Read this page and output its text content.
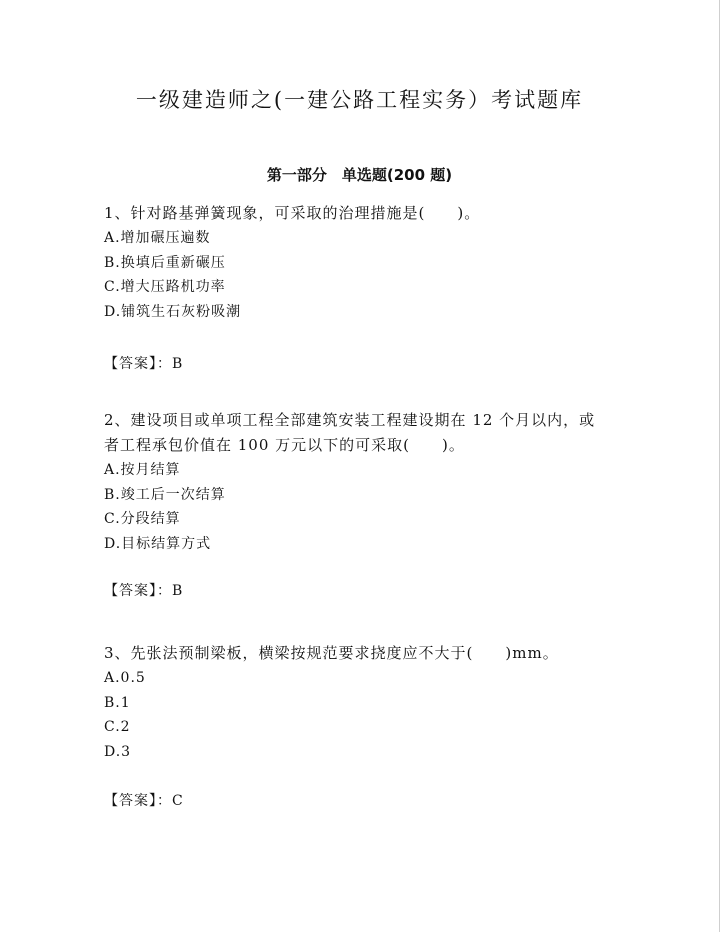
一级建造师之(一建公路工程实务）考试题库
第一部分　单选题(200 题)

1、针对路基弹簧现象，可采取的治理措施是(　　)。

A.增加碾压遍数

B.换填后重新碾压

C.增大压路机功率

D.铺筑生石灰粉吸潮

【答案】：B

2、建设项目或单项工程全部建筑安装工程建设期在 12 个月以内，或

者工程承包价值在 100 万元以下的可采取(　　)。

A.按月结算

B.竣工后一次结算

C.分段结算

D.目标结算方式

【答案】：B

3、先张法预制梁板，横梁按规范要求挠度应不大于(　　)mm。

A.0.5

B.1

C.2

D.3

【答案】：C
